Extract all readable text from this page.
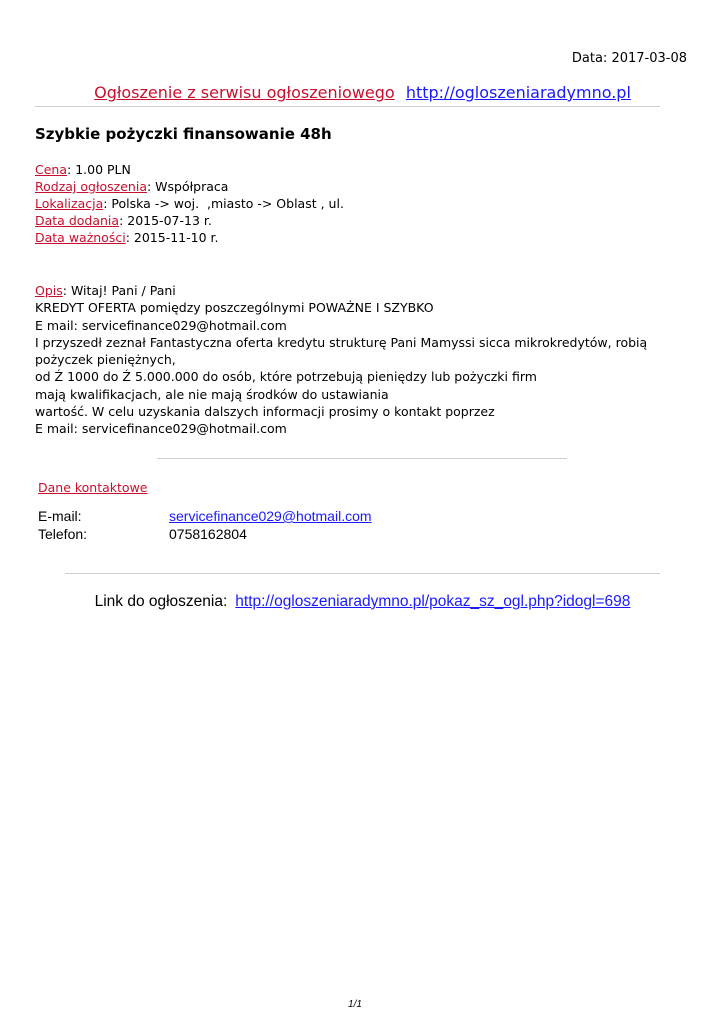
Data: 2017-03-08
Ogłoszenie z serwisu ogłoszeniowego http://ogloszeniaradymno.pl
Szybkie pożyczki finansowanie 48h
Cena: 1.00 PLN
Rodzaj ogłoszenia: Współpraca
Lokalizacja: Polska -> woj.  ,miasto -> Oblast , ul.
Data dodania: 2015-07-13 r.
Data ważności: 2015-11-10 r.
Opis: Witaj! Pani / Pani
KREDYT OFERTA pomiędzy poszczególnymi POWAŻNE I SZYBKO
E mail: servicefinance029@hotmail.com
I przyszedł zeznał Fantastyczna oferta kredytu strukturę Pani Mamyssi sicca mikrokredytów, robią
pożyczek pieniężnych,
od Ź 1000 do Ź 5.000.000 do osób, które potrzebują pieniędzy lub pożyczki firm
mają kwalifikacjach, ale nie mają środków do ustawiania
wartość. W celu uzyskania dalszych informacji prosimy o kontakt poprzez
E mail: servicefinance029@hotmail.com
Dane kontaktowe
E-mail:	servicefinance029@hotmail.com
Telefon:	0758162804
Link do ogłoszenia: http://ogloszeniaradymno.pl/pokaz_sz_ogl.php?idogl=698
1/1
